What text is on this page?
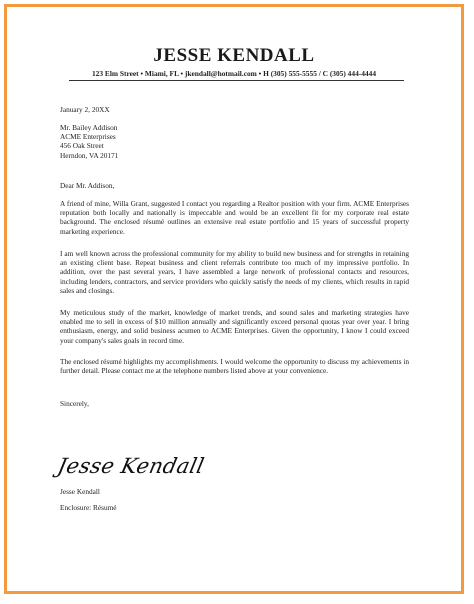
JESSE KENDALL

123 Elm Street • Miami, FL • jkendall@hotmail.com • H (305) 555-5555 / C (305) 444-4444

January 2, 20XX
Mr. Bailey Addison
ACME Enterprises
456 Oak Street
Herndon, VA 20171
Dear Mr. Addison,

A friend of mine, Willa Grant, suggested I contact you regarding a Realtor position with your firm. ACME Enterprises reputation both locally and nationally is impeccable and would be an excellent fit for my corporate real estate background. The enclosed résumé outlines an extensive real estate portfolio and 15 years of successful property marketing experience.

I am well known across the professional community for my ability to build new business and for strengths in retaining an existing client base. Repeat business and client referrals contribute too much of my impressive portfolio. In addition, over the past several years, I have assembled a large network of professional contacts and resources, including lenders, contractors, and service providers who quickly satisfy the needs of my clients, which results in rapid sales and closings.

My meticulous study of the market, knowledge of market trends, and sound sales and marketing strategies have enabled me to sell in excess of $10 million annually and significantly exceed personal quotas year over year. I bring enthusiasm, energy, and solid business acumen to ACME Enterprises. Given the opportunity, I know I could exceed your company's sales goals in record time.

The enclosed résumé highlights my accomplishments. I would welcome the opportunity to discuss my achievements in further detail. Please contact me at the telephone numbers listed above at your convenience.

Sincerely,
Jesse Kendall
Jesse Kendall
Enclosure: Résumé
